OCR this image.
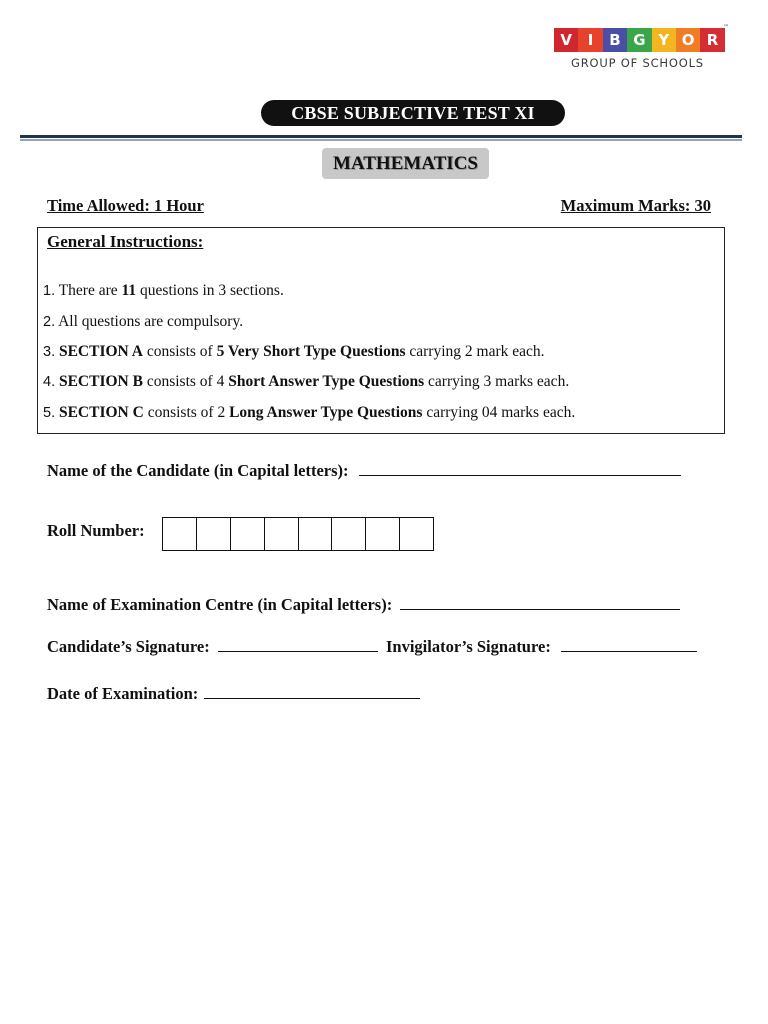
V	I	B G Y O R
™
GROUP OF SCHOOLS
CBSE SUBJECTIVE TEST XI
MATHEMATICS
Time Allowed: 1 Hour	Maximum Marks: 30
General Instructions:
1. There are 11 questions in 3 sections.
2. All questions are compulsory.
3. SECTION A consists of 5 Very Short Type Questions carrying 2 mark each.
4. SECTION B consists of 4 Short Answer Type Questions carrying 3 marks each.
5. SECTION C consists of 2 Long Answer Type Questions carrying 04 marks each.
Name of the Candidate (in Capital letters):
Roll Number:
Name of Examination Centre (in Capital letters):
Candidate’s Signature:	Invigilator’s Signature:
Date of Examination:
